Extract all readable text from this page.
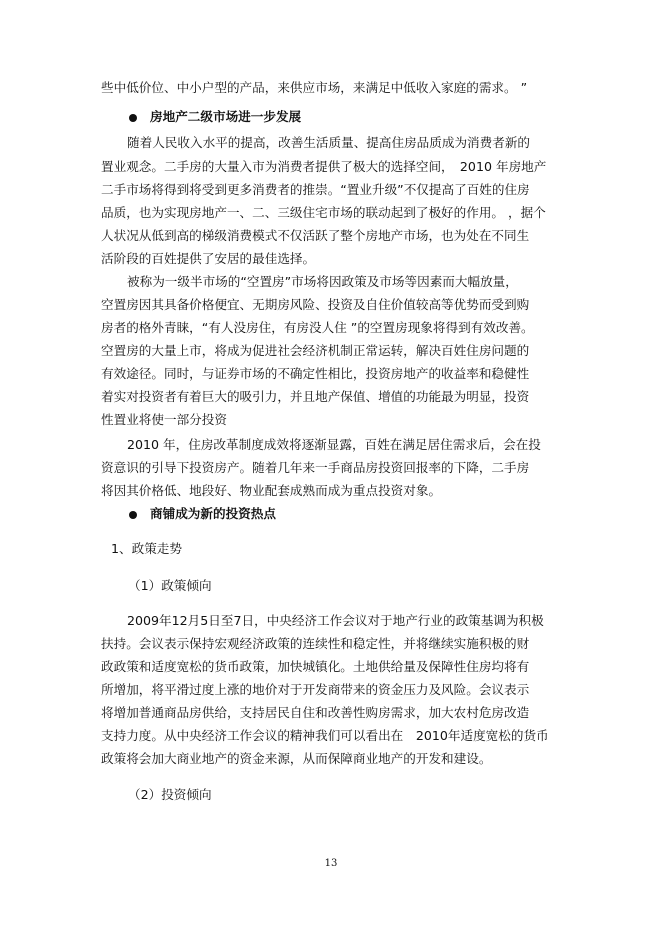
些中低价位、中小户型的产品，来供应市场，来满足中低收入家庭的需求。 ”
房地产二级市场进一步发展
随着人民收入水平的提高，改善生活质量、提高住房品质成为消费者新的
置业观念。二手房的大量入市为消费者提供了极大的选择空间，　2010 年房地产
二手市场将得到将受到更多消费者的推崇。“置业升级”不仅提高了百姓的住房
品质，也为实现房地产一、二、三级住宅市场的联动起到了极好的作用。 ，据个
人状况从低到高的梯级消费模式不仅活跃了整个房地产市场，也为处在不同生
活阶段的百姓提供了安居的最佳选择。
被称为一级半市场的“空置房”市场将因政策及市场等因素而大幅放量，
空置房因其具备价格便宜、无期房风险、投资及自住价值较高等优势而受到购
房者的格外青睐，“有人没房住，有房没人住 ”的空置房现象将得到有效改善。
空置房的大量上市，将成为促进社会经济机制正常运转，解决百姓住房问题的
有效途径。同时，与证券市场的不确定性相比，投资房地产的收益率和稳健性
着实对投资者有着巨大的吸引力，并且地产保值、增值的功能最为明显，投资
性置业将使一部分投资
2010 年，住房改革制度成效将逐渐显露，百姓在满足居住需求后，会在投
资意识的引导下投资房产。随着几年来一手商品房投资回报率的下降，二手房
将因其价格低、地段好、物业配套成熟而成为重点投资对象。
商铺成为新的投资热点
1、政策走势
（1）政策倾向
2009年12月5日至7日，中央经济工作会议对于地产行业的政策基调为积极
扶持。会议表示保持宏观经济政策的连续性和稳定性，并将继续实施积极的财
政政策和适度宽松的货币政策，加快城镇化。土地供给量及保障性住房均将有
所增加，将平滑过度上涨的地价对于开发商带来的资金压力及风险。会议表示
将增加普通商品房供给，支持居民自住和改善性购房需求，加大农村危房改造
支持力度。从中央经济工作会议的精神我们可以看出在　2010年适度宽松的货币
政策将会加大商业地产的资金来源，从而保障商业地产的开发和建设。
（2）投资倾向
13
